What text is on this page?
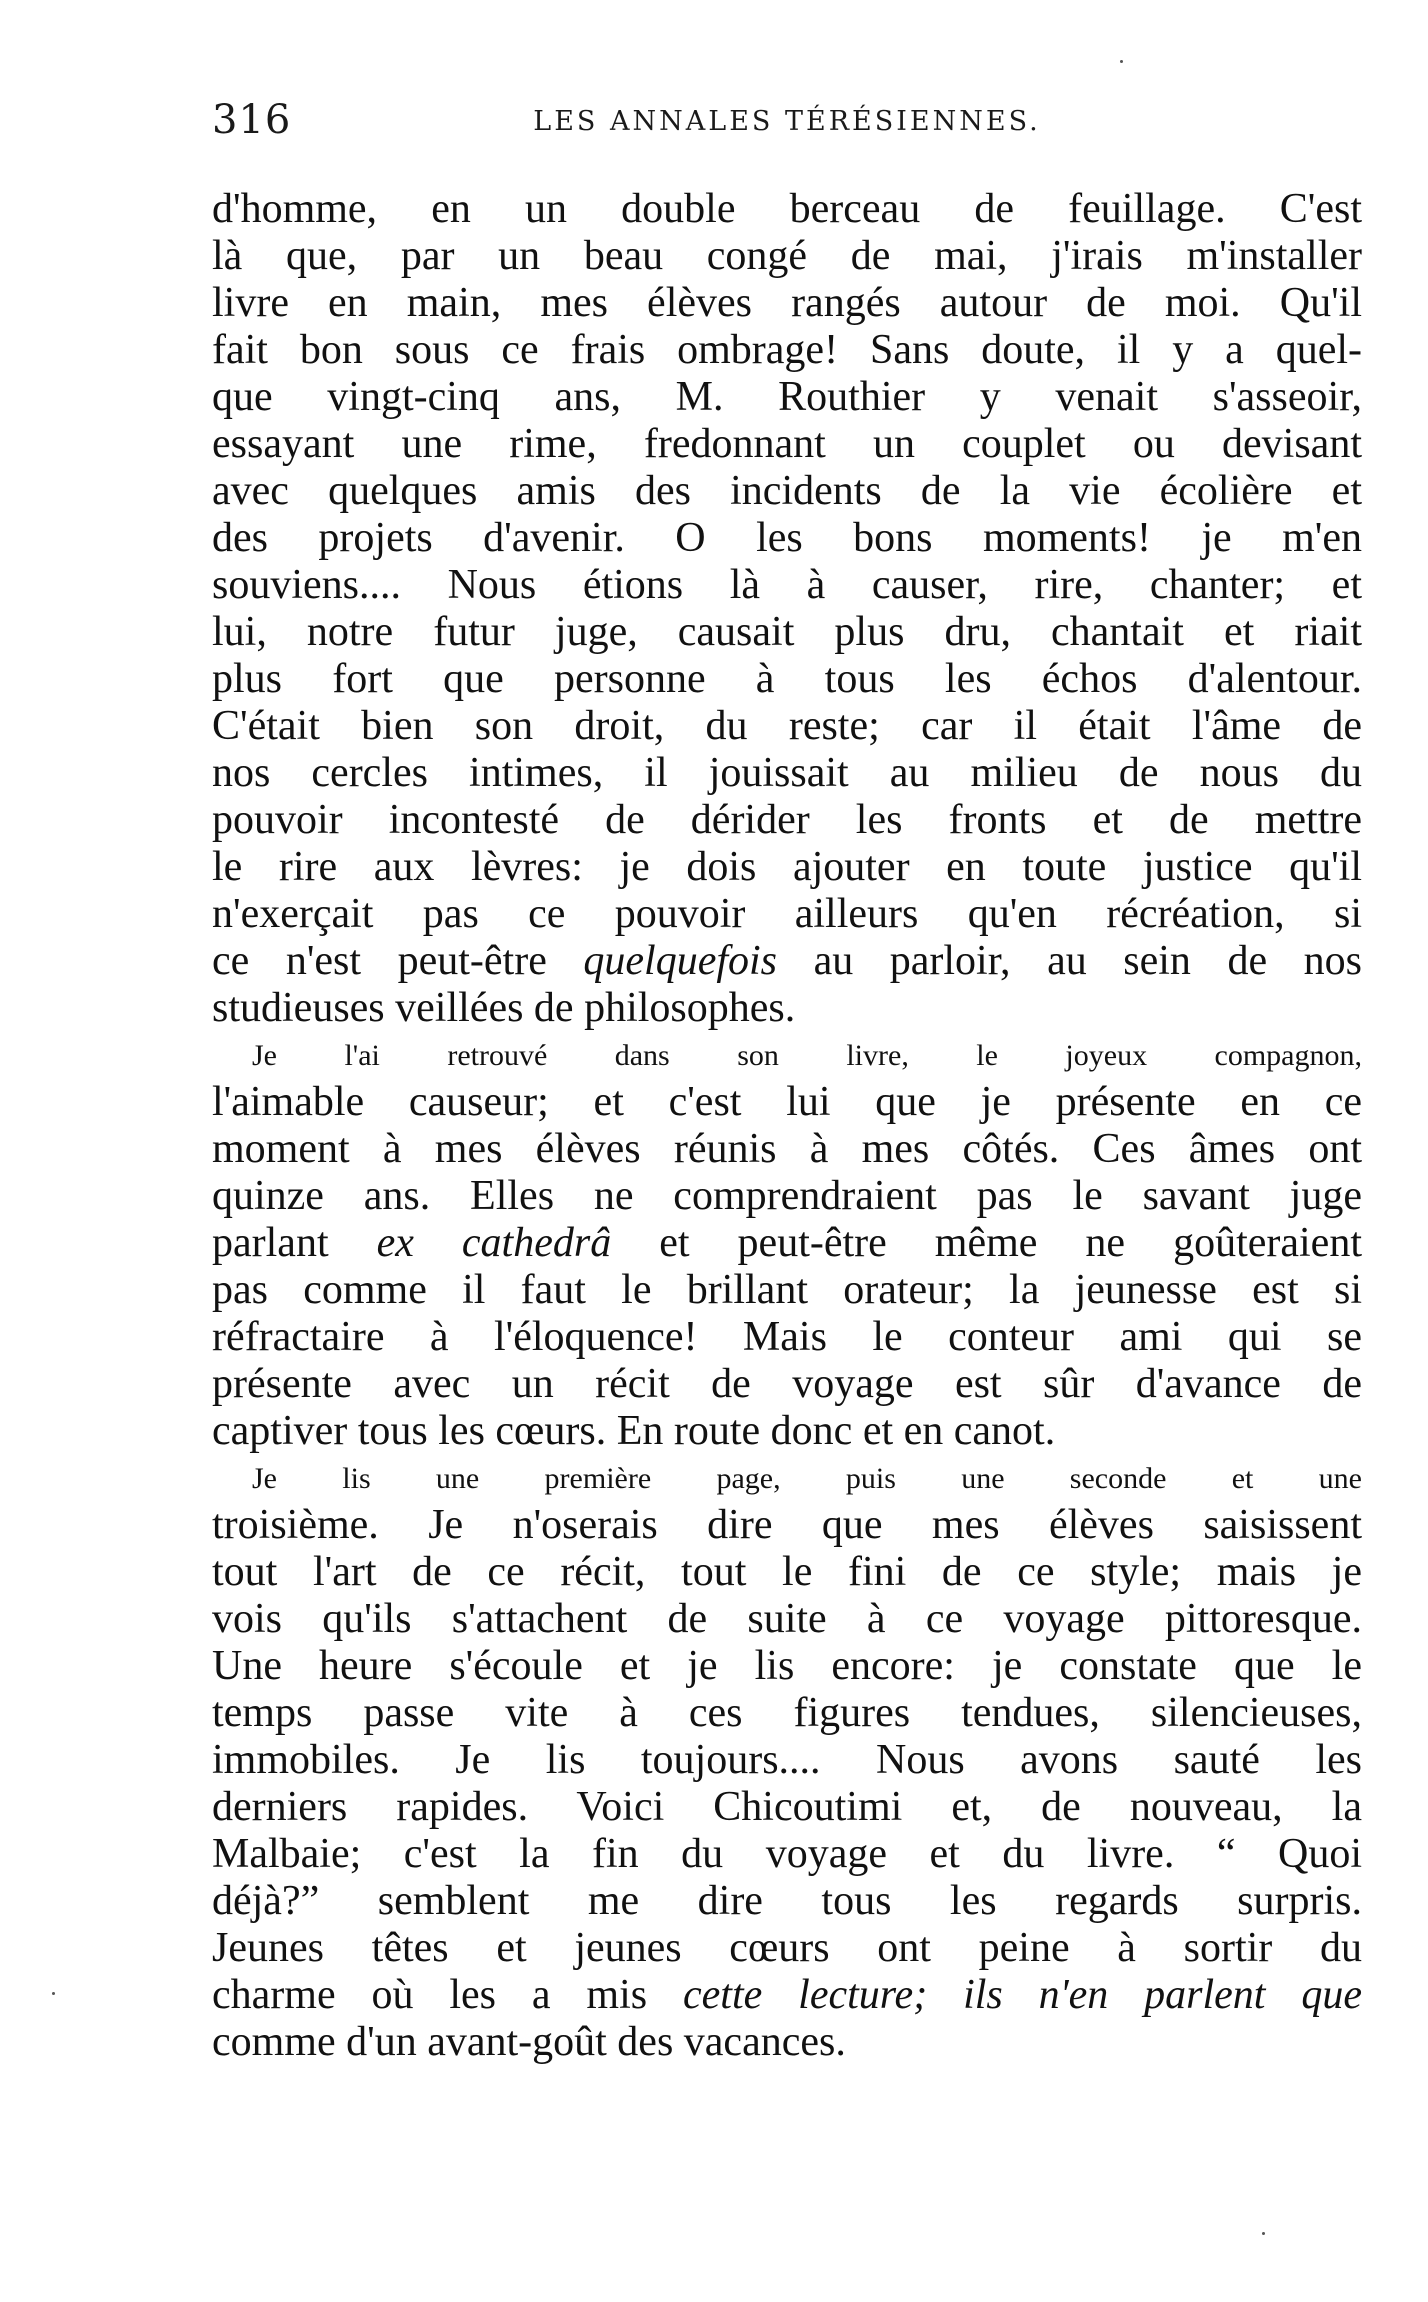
316	LES ANNALES TÉRÉSIENNES.
d'homme, en un double berceau de feuillage. C'est
là que, par un beau congé de mai, j'irais m'installer
livre en main, mes élèves rangés autour de moi. Qu'il
fait bon sous ce frais ombrage! Sans doute, il y a quel-
que vingt-cinq ans, M. Routhier y venait s'asseoir,
essayant une rime, fredonnant un couplet ou devisant
avec quelques amis des incidents de la vie écolière et
des projets d'avenir. O les bons moments! je m'en
souviens.... Nous étions là à causer, rire, chanter; et
lui, notre futur juge, causait plus dru, chantait et riait
plus fort que personne à tous les échos d'alentour.
C'était bien son droit, du reste; car il était l'âme de
nos cercles intimes, il jouissait au milieu de nous du
pouvoir incontesté de dérider les fronts et de mettre
le rire aux lèvres: je dois ajouter en toute justice qu'il
n'exerçait pas ce pouvoir ailleurs qu'en récréation, si
ce n'est peut-être quelquefois au parloir, au sein de nos
studieuses veillées de philosophes.
Je l'ai retrouvé dans son livre, le joyeux compagnon,
l'aimable causeur; et c'est lui que je présente en ce
moment à mes élèves réunis à mes côtés. Ces âmes ont
quinze ans. Elles ne comprendraient pas le savant juge
parlant ex cathedrâ et peut-être même ne goûteraient
pas comme il faut le brillant orateur; la jeunesse est si
réfractaire à l'éloquence! Mais le conteur ami qui se
présente avec un récit de voyage est sûr d'avance de
captiver tous les cœurs. En route donc et en canot.
Je lis une première page, puis une seconde et une
troisième. Je n'oserais dire que mes élèves saisissent
tout l'art de ce récit, tout le fini de ce style; mais je
vois qu'ils s'attachent de suite à ce voyage pittoresque.
Une heure s'écoule et je lis encore: je constate que le
temps passe vite à ces figures tendues, silencieuses,
immobiles. Je lis toujours.... Nous avons sauté les
derniers rapides. Voici Chicoutimi et, de nouveau, la
Malbaie; c'est la fin du voyage et du livre. “ Quoi
déjà?” semblent me dire tous les regards surpris.
Jeunes têtes et jeunes cœurs ont peine à sortir du
charme où les a mis cette lecture; ils n'en parlent que
comme d'un avant-goût des vacances.
